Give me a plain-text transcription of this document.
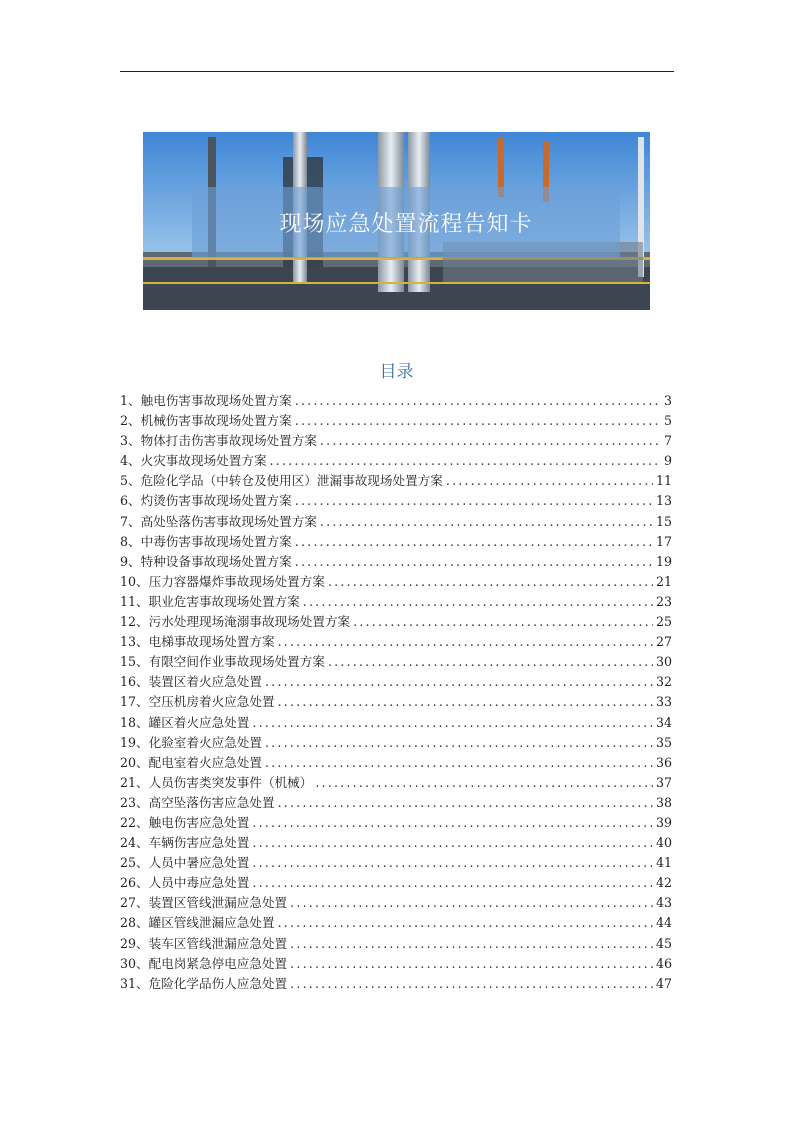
现场应急处置流程告知卡
目录
1、触电伤害事故现场处置方案 .....	3
2、机械伤害事故现场处置方案 .....	5
3、物体打击伤害事故现场处置方案 .....	7
4、火灾事故现场处置方案 .....	9
5、危险化学品（中转仓及使用区）泄漏事故现场处置方案 .....	11
6、灼烫伤害事故现场处置方案 .....	13
7、高处坠落伤害事故现场处置方案 .....	15
8、中毒伤害事故现场处置方案 .....	17
9、特种设备事故现场处置方案 .....	19
10、压力容器爆炸事故现场处置方案 .....	21
11、职业危害事故现场处置方案 .....	23
12、污水处理现场淹溺事故现场处置方案 .....	25
13、电梯事故现场处置方案 .....	27
15、有限空间作业事故现场处置方案 .....	30
16、装置区着火应急处置 .....	32
17、空压机房着火应急处置 .....	33
18、罐区着火应急处置 .....	34
19、化验室着火应急处置 .....	35
20、配电室着火应急处置 .....	36
21、人员伤害类突发事件（机械） .....	37
23、高空坠落伤害应急处置 .....	38
22、触电伤害应急处置 .....	39
24、车辆伤害应急处置 .....	40
25、人员中暑应急处置 .....	41
26、人员中毒应急处置 .....	42
27、装置区管线泄漏应急处置 .....	43
28、罐区管线泄漏应急处置 .....	44
29、装车区管线泄漏应急处置 .....	45
30、配电岗紧急停电应急处置 .....	46
31、危险化学品伤人应急处置 .....	47
